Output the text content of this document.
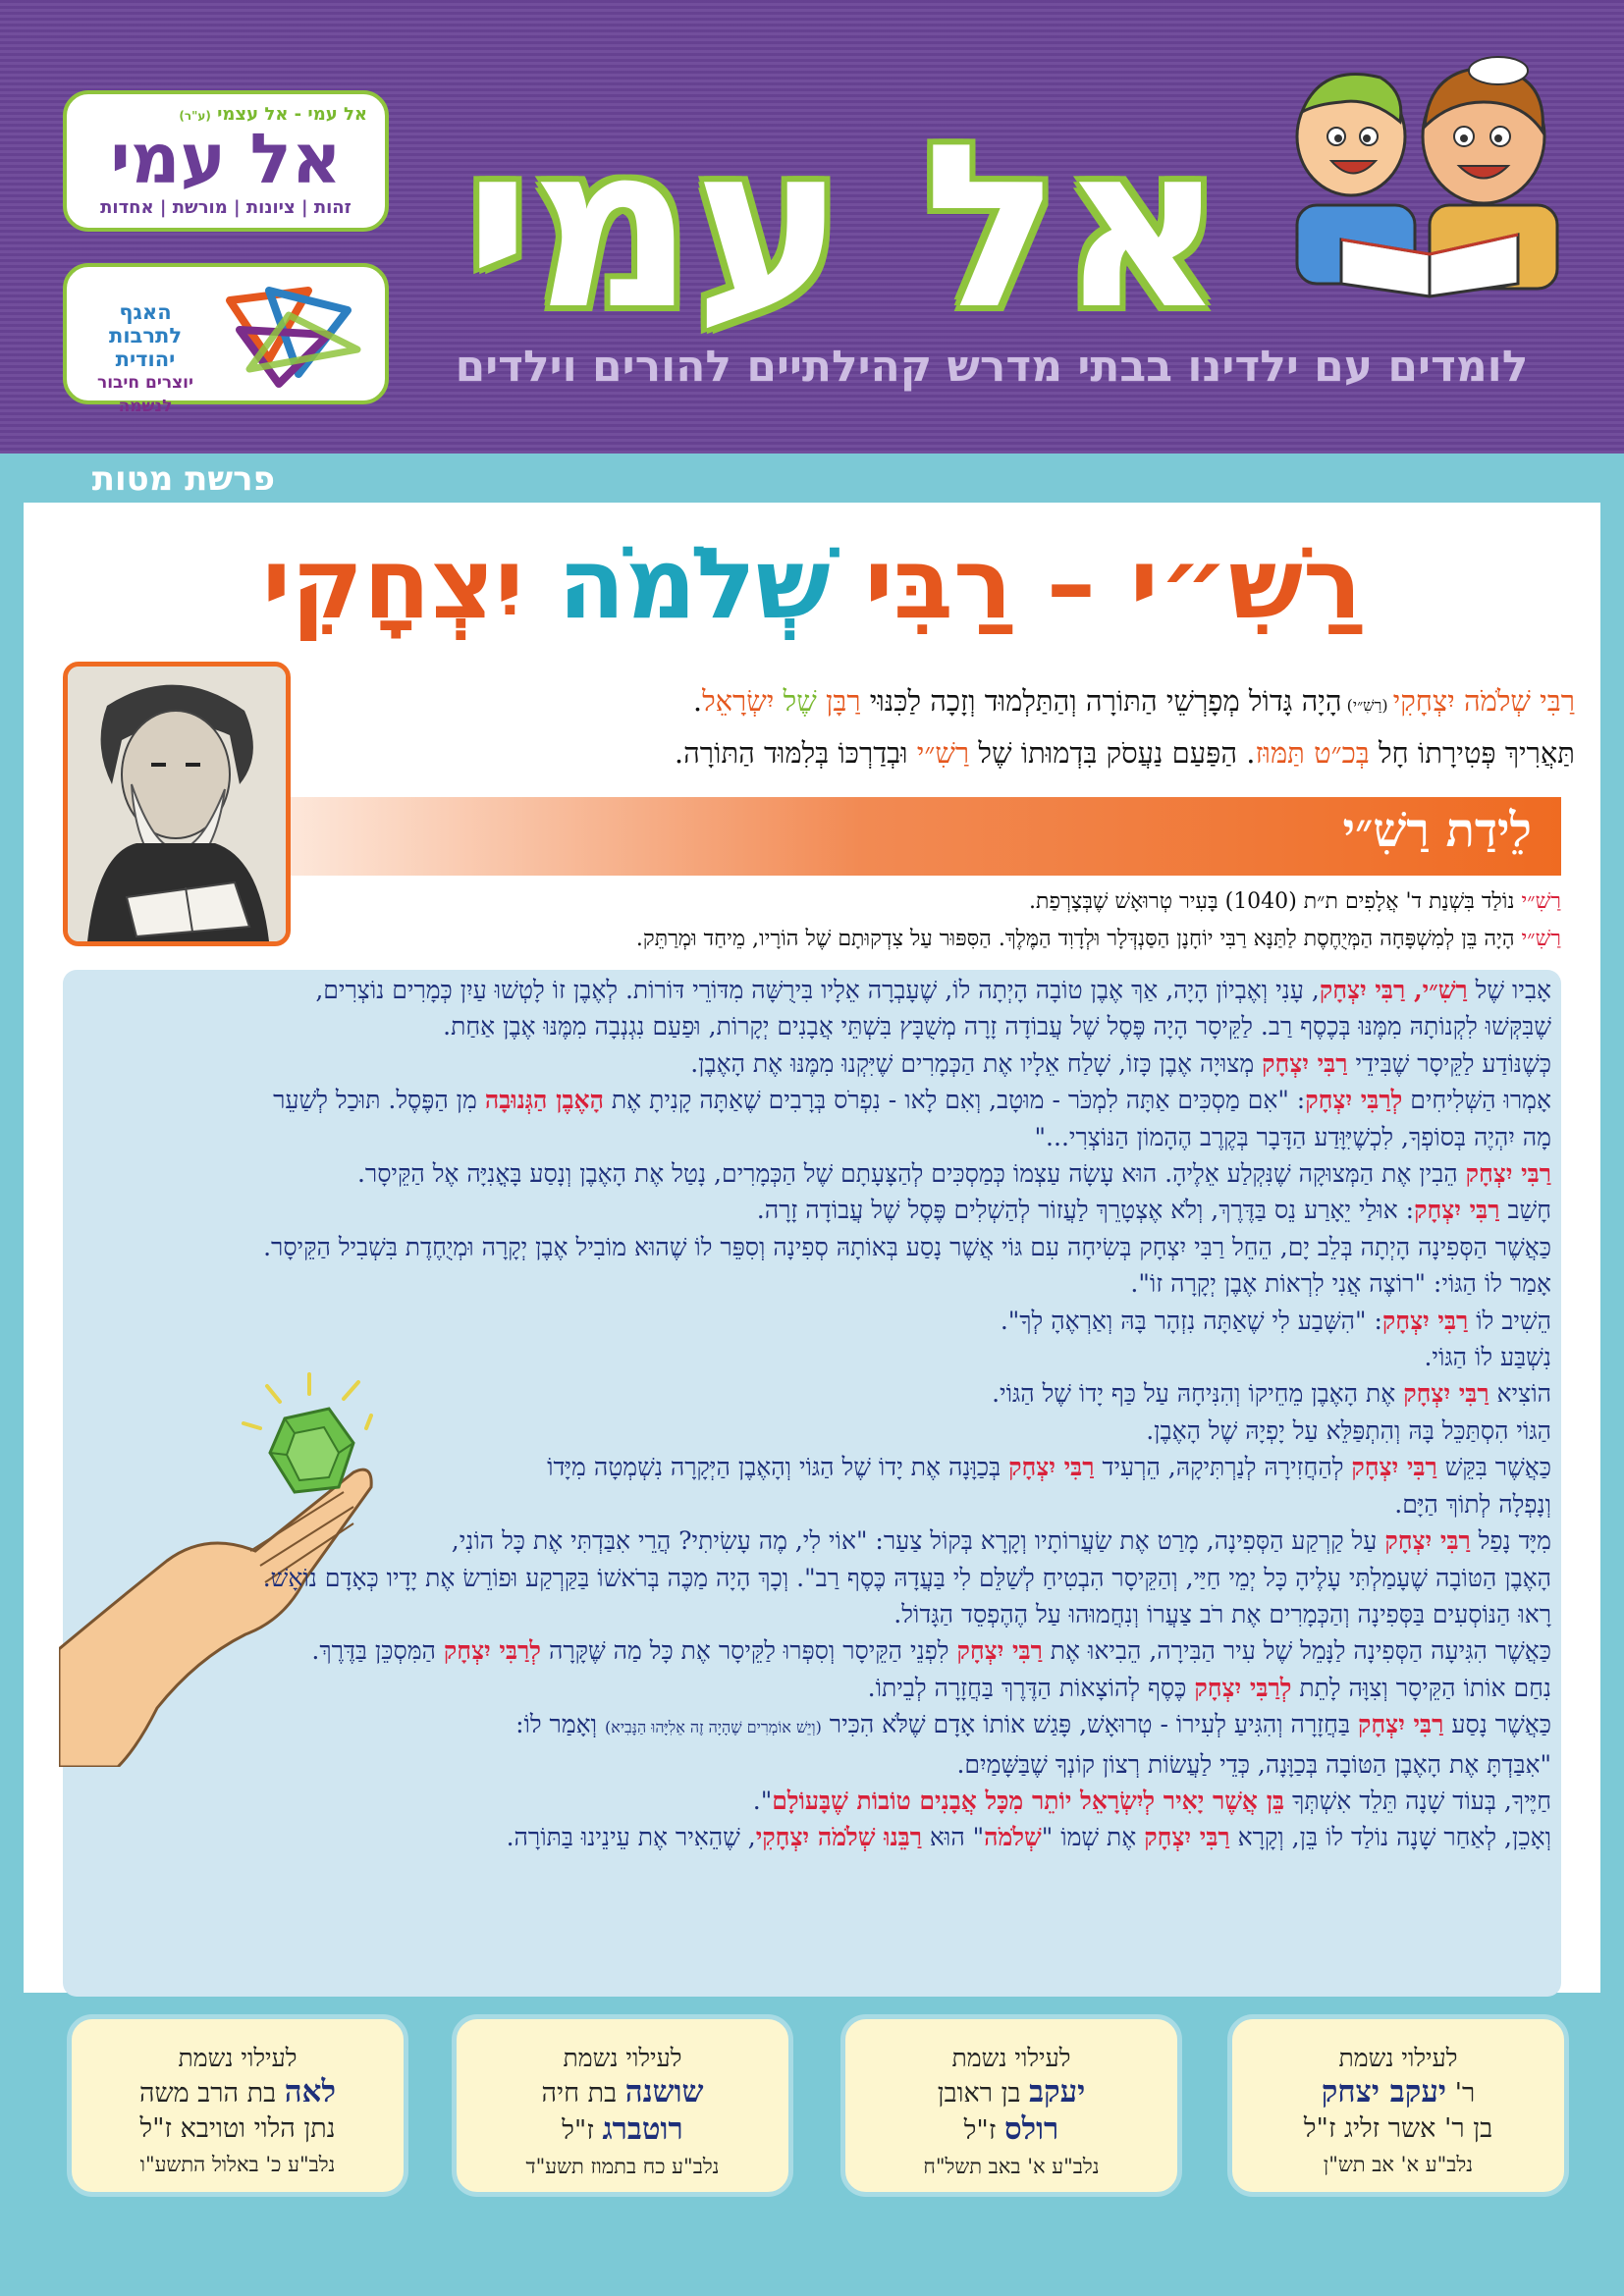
אל עמי - אל עצמי (ע"ר)
אל עמי
זהות | ציונות | מורשת | אחדות
האגף
לתרבות
יהודית
יוצרים חיבור לנשמה
אל עמי
לומדים עם ילדינו בבתי מדרש קהילתיים להורים וילדים
פרשת מטות
רַשִׁ״י – רַבִּי שְׁלֹמֹה יִצְחָקִי
רַבִּי שְׁלֹמֹה יִצְחָקִי (רַשִׁ״י) הָיָה גָּדוֹל מְפָרְשֵׁי הַתּוֹרָה וְהַתַּלְמוּד וְזָכָה לַכִּנּוּי רַבָּן שֶׁל יִשְׂרָאֵל.
תַּאֲרִיךְ פְּטִירָתוֹ חָל בְּכ״ט תַּמּוּז. הַפַּעַם נַעֲסֹק בִּדְמוּתוֹ שֶׁל רַשִׁ״י וּבְדַרְכּוֹ בְּלִמּוּד הַתּוֹרָה.
לֵידַת רַשִׁ״י
רַשִׁ״י נוֹלַד בִּשְׁנַת ד' אֲלָפִים ת״ת (1040) בָּעִיר טְרוּאָשׁ שֶׁבְּצָרְפַת.
רַשִׁ״י הָיָה בֵּן לְמִשְׁפָּחָה הַמְּיֻחֶסֶת לַתַּנָּא רַבִּי יוֹחָנָן הַסַּנְדְּלָר וּלְדָוִד הַמֶּלֶךְ. הַסִּפּוּר עַל צִדְקוּתָם שֶׁל הוֹרָיו, מֵיחַד וּמְרַתֵּק.

אָבִיו שֶׁל רַשִׁ״י, רַבִּי יִצְחָק, עָנִי וְאֶבְיוֹן הָיָה, אַךְ אֶבֶן טוֹבָה הָיְתָה לוֹ, שֶׁעָבְרָה אֵלָיו בִּירֻשָּׁה מִדּוֹרֵי דּוֹרוֹת. לְאֶבֶן זוֹ לָטְשׁוּ עַיִן כְּמָרִים נוֹצְרִים,

שֶׁבִּקְּשׁוּ לִקְנוֹתָהּ מִמֶּנּוּ בְּכֶסֶף רַב. לַקֵּיסָר הָיָה פֶּסֶל שֶׁל עֲבוֹדָה זָרָה מְשֻׁבָּץ בִּשְׁתֵּי אֲבָנִים יְקָרוֹת, וּפַעַם נִגְנְבָה מִמֶּנּוּ אֶבֶן אַחַת.

כְּשֶׁנּוֹדַע לַקֵּיסָר שֶׁבִּידֵי רַבִּי יִצְחָק מְצוּיָה אֶבֶן כָּזוֹ, שָׁלַח אֵלָיו אֶת הַכְּמָרִים שֶׁיִּקְנוּ מִמֶּנּוּ אֶת הָאֶבֶן.

אָמְרוּ הַשְּׁלִיחִים לְרַבִּי יִצְחָק: "אִם מַסְכִּים אַתָּה לִמְכֹּר - מוּטָב, וְאִם לָאו - נִפְרֹס בְּרָבִים שֶׁאַתָּה קָנִיתָ אֶת הָאֶבֶן הַגְּנוּבָה מִן הַפֶּסֶל. תּוּכַל לְשַׁעֵר

מָה יִהְיֶה בְּסוֹפְךָ, לִכְשֶׁיִּוָּדַע הַדָּבָר בְּקֶרֶב הֶהָמוֹן הַנּוֹצְרִי..."

רַבִּי יִצְחָק הֵבִין אֶת הַמְּצוּקָה שֶׁנִּקְלַע אֵלֶיהָ. הוּא עָשָׂה עַצְמוֹ כְּמַסְכִּים לְהַצָּעָתָם שֶׁל הַכְּמָרִים, נָטַל אֶת הָאֶבֶן וְנָסַע בָּאֳנִיָּה אֶל הַקֵּיסָר.

חָשַׁב רַבִּי יִצְחָק: אוּלַי יֵאָרַע נֵס בַּדֶּרֶךְ, וְלֹא אֶצְטָרֵךְ לַעֲזוֹר לְהַשְׁלִים פֶּסֶל שֶׁל עֲבוֹדָה זָרָה.

כַּאֲשֶׁר הַסְּפִינָה הָיְתָה בְּלֵב יָם, הֵחֵל רַבִּי יִצְחָק בְּשִׂיחָה עִם גּוֹי אֲשֶׁר נָסַע בְּאוֹתָהּ סְפִינָה וְסִפֵּר לוֹ שֶׁהוּא מוֹבִיל אֶבֶן יְקָרָה וּמְיֻחֶדֶת בִּשְׁבִיל הַקֵּיסָר.

אָמַר לוֹ הַגּוֹי: "רוֹצֶה אֲנִי לִרְאוֹת אֶבֶן יְקָרָה זוֹ".

הֵשִׁיב לוֹ רַבִּי יִצְחָק: "הִשָּׁבַע לִי שֶׁאַתָּה נִזְהָר בָּהּ וְאַרְאֶהָ לְךָ".

נִשְׁבַּע לוֹ הַגּוֹי.

הוֹצִיא רַבִּי יִצְחָק אֶת הָאֶבֶן מֵחֵיקוֹ וְהִנִּיחָהּ עַל כַּף יָדוֹ שֶׁל הַגּוֹי.

הַגּוֹי הִסְתַּכֵּל בָּהּ וְהִתְפַּלֵּא עַל יָפְיָהּ שֶׁל הָאֶבֶן.

כַּאֲשֶׁר בִּקֵּשׁ רַבִּי יִצְחָק לְהַחֲזִירָהּ לְנַרְתִּיקָהּ, הֵרְעִיד רַבִּי יִצְחָק בְּכַוָּנָה אֶת יָדוֹ שֶׁל הַגּוֹי וְהָאֶבֶן הַיְּקָרָה נִשְׁמְטָה מִיָּדוֹ

וְנָפְלָה לְתוֹךְ הַיָּם.

מִיָּד נָפַל רַבִּי יִצְחָק עַל קַרְקַע הַסְּפִינָה, מָרַט אֶת שַׂעֲרוֹתָיו וְקָרָא בְּקוֹל צַעַר: "אוֹי לִי, מֶה עָשִׂיתִי? הֲרֵי אִבַּדְתִּי אֶת כָּל הוֹנִי,

הָאֶבֶן הַטּוֹבָה שֶׁעָמַלְתִּי עָלֶיהָ כָּל יְמֵי חַיַּי, וְהַקֵּיסָר הִבְטִיחַ לְשַׁלֵּם לִי בַּעֲדָהּ כֶּסֶף רַב". וְכָךְ הָיָה מַכֶּה בְּרֹאשׁוֹ בַּקַּרְקַע וּפוֹרֵשׂ אֶת יָדָיו כְּאָדָם נוֹאָשׁ.

רָאוּ הַנּוֹסְעִים בַּסְּפִינָה וְהַכְּמָרִים אֶת רֹב צַעֲרוֹ וְנִחֲמוּהוּ עַל הֶהֶפְסֵד הַגָּדוֹל.

כַּאֲשֶׁר הִגִּיעָה הַסְּפִינָה לַנָּמֵל שֶׁל עִיר הַבִּירָה, הֵבִיאוּ אֶת רַבִּי יִצְחָק לִפְנֵי הַקֵּיסָר וְסִפְּרוּ לַקֵּיסָר אֶת כָּל מַה שֶּׁקָּרָה לְרַבִּי יִצְחָק הַמִּסְכֵּן בַּדֶּרֶךְ.

נִחַם אוֹתוֹ הַקֵּיסָר וְצִוָּה לָתֵת לְרַבִּי יִצְחָק כֶּסֶף לְהוֹצָאוֹת הַדֶּרֶךְ בַּחֲזָרָה לְבֵיתוֹ.

כַּאֲשֶׁר נָסַע רַבִּי יִצְחָק בַּחֲזָרָה וְהִגִּיעַ לְעִירוֹ - טְרוּאָשׁ, פָּגַשׁ אוֹתוֹ אָדָם שֶׁלֹּא הִכִּיר (וְיֵשׁ אוֹמְרִים שֶׁהָיָה זֶה אֵלִיָּהוּ הַנָּבִיא) וְאָמַר לוֹ:

"אִבַּדְתָּ אֶת הָאֶבֶן הַטּוֹבָה בְּכַוָּנָה, כְּדֵי לַעֲשׂוֹת רְצוֹן קוֹנְךָ שֶׁבַּשָּׁמַיִם.

חַיֶּיךָ, בְּעוֹד שָׁנָה תֵּלֵד אִשְׁתְּךָ בֵּן אֲשֶׁר יָאִיר לְיִשְׂרָאֵל יוֹתֵר מִכָּל אֲבָנִים טוֹבוֹת שֶׁבָּעוֹלָם".

וְאָכֵן, לְאַחַר שָׁנָה נוֹלַד לוֹ בֵּן, וְקָרָא רַבִּי יִצְחָק אֶת שְׁמוֹ "שְׁלֹמֹה" הוּא רַבֵּנוּ שְׁלֹמֹה יִצְחָקִי, שֶׁהֵאִיר אֶת עֵינֵינוּ בַּתּוֹרָה.

לעילוי נשמת
ר' יעקב יצחק
בן ר' אשר זליג ז"ל
נלב"ע א' אב תש"ן
לעילוי נשמת
יעקב בן ראובן
רולס ז"ל
נלב"ע א' באב תשל"ח
לעילוי נשמת
שושנה בת חיה
רוטברג ז"ל
נלב"ע כח בתמוז תשע"ד
לעילוי נשמת
לאה בת הרב משה
נתן הלוי וטויבא ז"ל
נלב"ע כ' באלול התשע"ו
